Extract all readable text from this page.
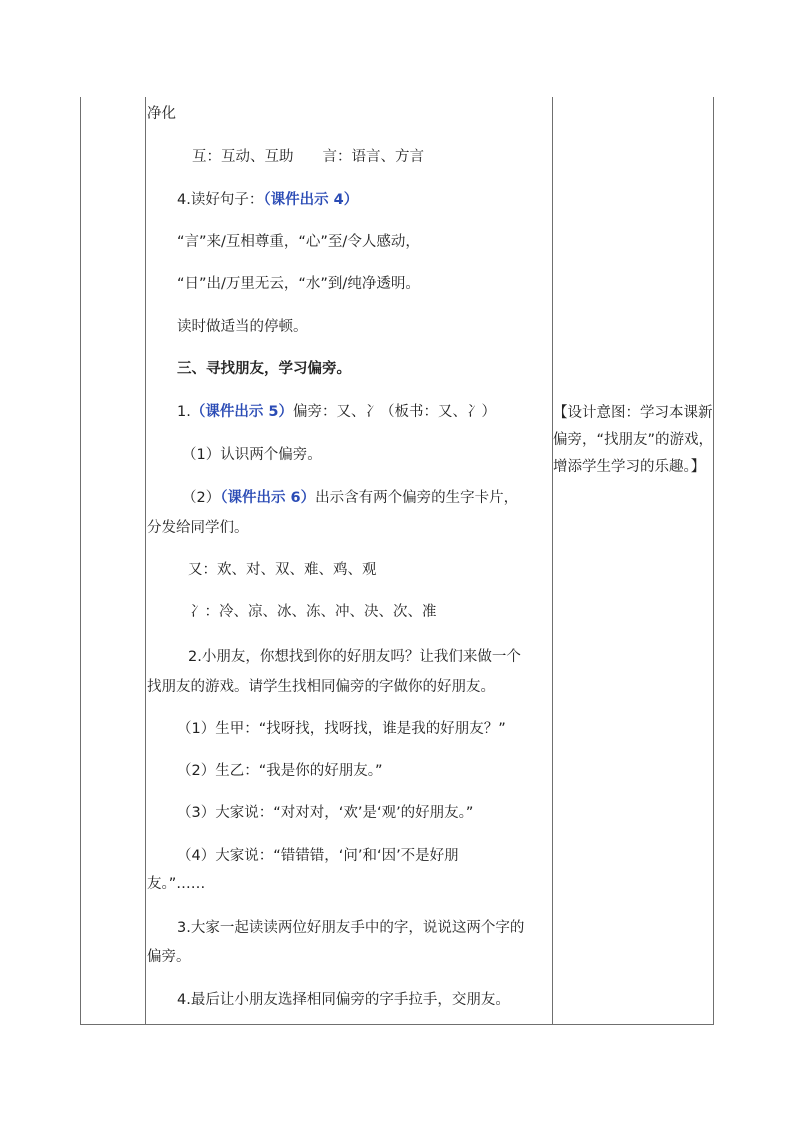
净化
互：互动、互助　　言：语言、方言
4.读好句子：（课件出示 4）
“言”来/互相尊重，“心”至/令人感动，
“日”出/万里无云，“水”到/纯净透明。
读时做适当的停顿。
三、寻找朋友，学习偏旁。
1.（课件出示 5）偏旁：又、冫（板书：又、冫）
（1）认识两个偏旁。
（2）（课件出示 6）出示含有两个偏旁的生字卡片，
分发给同学们。
又：欢、对、双、难、鸡、观
冫：冷、凉、冰、冻、冲、决、次、准
2.小朋友，你想找到你的好朋友吗？让我们来做一个
找朋友的游戏。请学生找相同偏旁的字做你的好朋友。
（1）生甲：“找呀找，找呀找，谁是我的好朋友？”
（2）生乙：“我是你的好朋友。”
（3）大家说：“对对对，‘欢’是‘观’的好朋友。”
（4）大家说：“错错错，‘问’和‘因’不是好朋
友。”……
3.大家一起读读两位好朋友手中的字，说说这两个字的
偏旁。
4.最后让小朋友选择相同偏旁的字手拉手，交朋友。
【设计意图：学习本课新偏旁，“找朋友”的游戏，增添学生学习的乐趣。】
